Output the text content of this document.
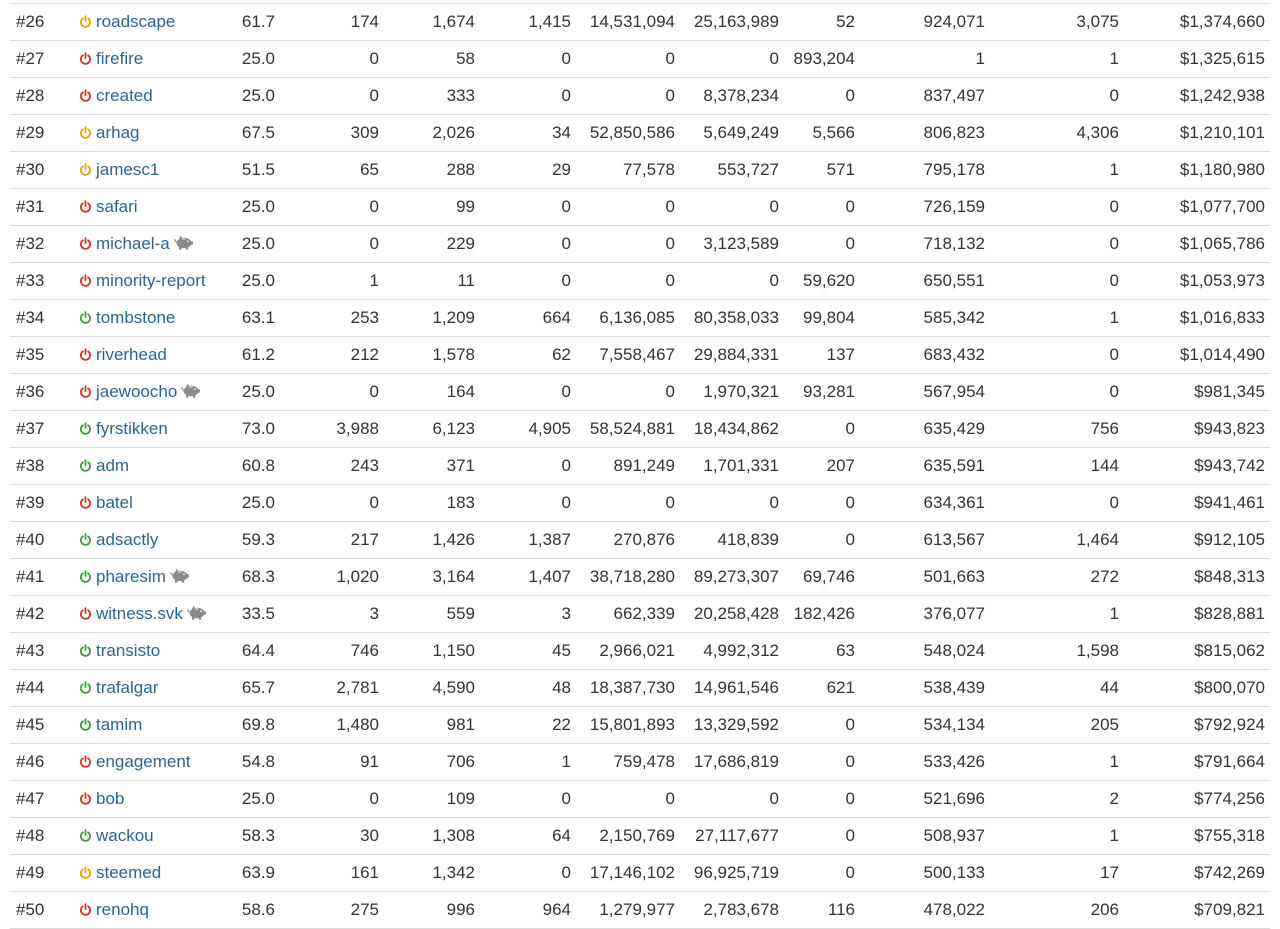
#26	roadscape	61.7	174	1,674	1,415	14,531,094	25,163,989	52	924,071	3,075	$1,374,660
#27	firefire	25.0	0	58	0	0	0	893,204	1	1	$1,325,615
#28	created	25.0	0	333	0	0	8,378,234	0	837,497	0	$1,242,938
#29	arhag	67.5	309	2,026	34	52,850,586	5,649,249	5,566	806,823	4,306	$1,210,101
#30	jamesc1	51.5	65	288	29	77,578	553,727	571	795,178	1	$1,180,980
#31	safari	25.0	0	99	0	0	0	0	726,159	0	$1,077,700
#32	michael-a	25.0	0	229	0	0	3,123,589	0	718,132	0	$1,065,786
#33	minority-report	25.0	1	11	0	0	0	59,620	650,551	0	$1,053,973
#34	tombstone	63.1	253	1,209	664	6,136,085	80,358,033	99,804	585,342	1	$1,016,833
#35	riverhead	61.2	212	1,578	62	7,558,467	29,884,331	137	683,432	0	$1,014,490
#36	jaewoocho	25.0	0	164	0	0	1,970,321	93,281	567,954	0	$981,345
#37	fyrstikken	73.0	3,988	6,123	4,905	58,524,881	18,434,862	0	635,429	756	$943,823
#38	adm	60.8	243	371	0	891,249	1,701,331	207	635,591	144	$943,742
#39	batel	25.0	0	183	0	0	0	0	634,361	0	$941,461
#40	adsactly	59.3	217	1,426	1,387	270,876	418,839	0	613,567	1,464	$912,105
#41	pharesim	68.3	1,020	3,164	1,407	38,718,280	89,273,307	69,746	501,663	272	$848,313
#42	witness.svk	33.5	3	559	3	662,339	20,258,428	182,426	376,077	1	$828,881
#43	transisto	64.4	746	1,150	45	2,966,021	4,992,312	63	548,024	1,598	$815,062
#44	trafalgar	65.7	2,781	4,590	48	18,387,730	14,961,546	621	538,439	44	$800,070
#45	tamim	69.8	1,480	981	22	15,801,893	13,329,592	0	534,134	205	$792,924
#46	engagement	54.8	91	706	1	759,478	17,686,819	0	533,426	1	$791,664
#47	bob	25.0	0	109	0	0	0	0	521,696	2	$774,256
#48	wackou	58.3	30	1,308	64	2,150,769	27,117,677	0	508,937	1	$755,318
#49	steemed	63.9	161	1,342	0	17,146,102	96,925,719	0	500,133	17	$742,269
#50	renohq	58.6	275	996	964	1,279,977	2,783,678	116	478,022	206	$709,821
